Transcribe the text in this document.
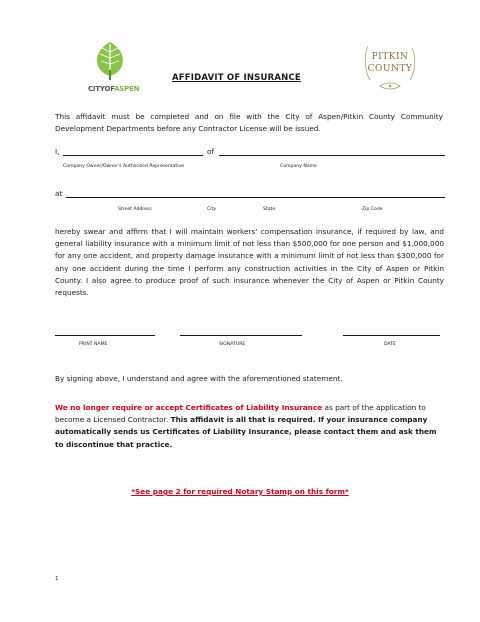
CITYOFASPEN
AFFIDAVIT OF INSURANCE
PITKIN
COUNTY
This affidavit must be completed and on file with the City of Aspen/Pitkin County Community Development Departments before any Contractor License will be issued.
I,	of
Company Owner/Owner's Authorized Representative	Company Name
at
Street Address	City	State	Zip Code
hereby swear and affirm that I will maintain workers' compensation insurance, if required by law, and general liability insurance with a minimum limit of not less than $500,000 for one person and $1,000,000 for any one accident, and property damage insurance with a minimum limit of not less than $300,000 for any one accident during the time I perform any construction activities in the City of Aspen or Pitkin County. I also agree to produce proof of such insurance whenever the City of Aspen or Pitkin County requests.
PRINT NAME	SIGNATURE	DATE
By signing above, I understand and agree with the aforementioned statement.
We no longer require or accept Certificates of Liability Insurance as part of the application to become a Licensed Contractor. This affidavit is all that is required. If your insurance company automatically sends us Certificates of Liability Insurance, please contact them and ask them to discontinue that practice.
*See page 2 for required Notary Stamp on this form*
1
